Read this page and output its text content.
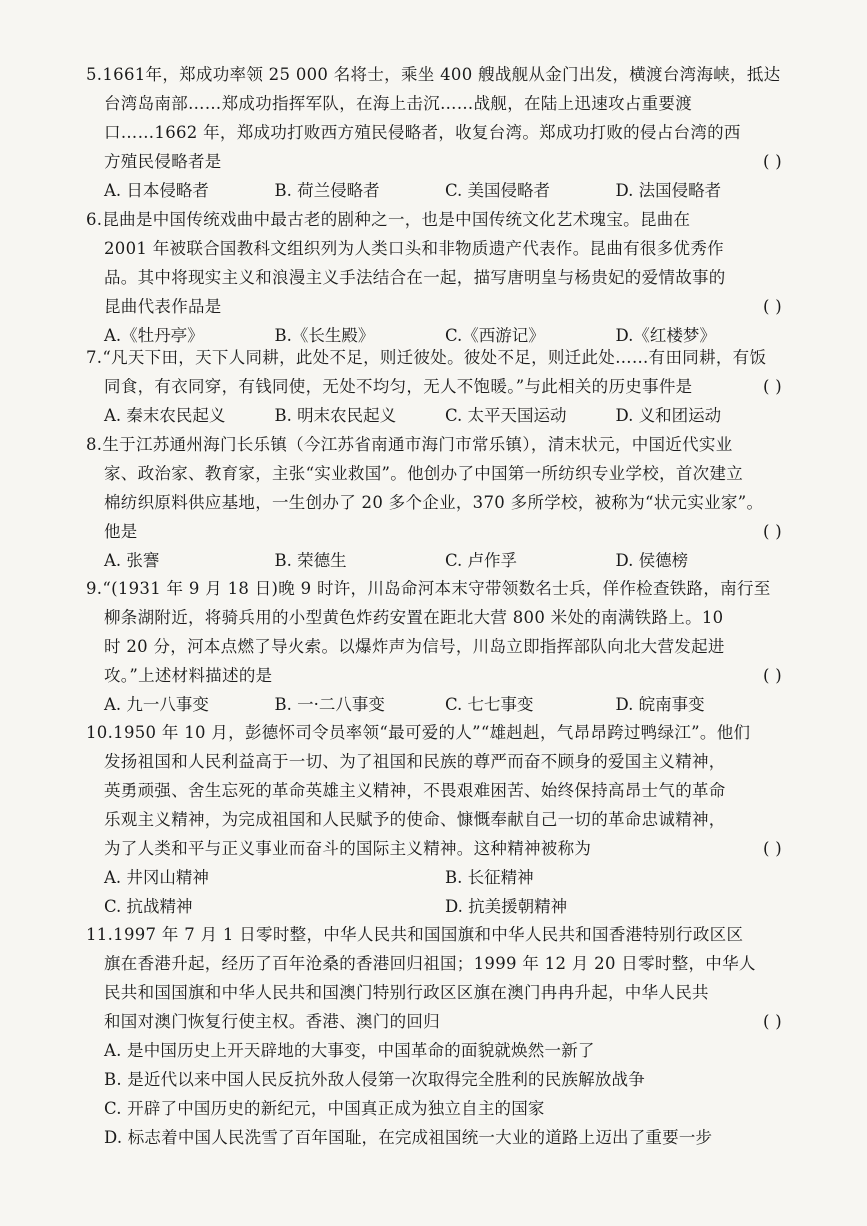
5.1661年，郑成功率领 25 000 名将士，乘坐 400 艘战舰从金门出发，横渡台湾海峡，抵达
台湾岛南部……郑成功指挥军队，在海上击沉……战舰，在陆上迅速攻占重要渡
口……1662 年，郑成功打败西方殖民侵略者，收复台湾。郑成功打败的侵占台湾的西
方殖民侵略者是	( )
A. 日本侵略者	B. 荷兰侵略者	C. 美国侵略者	D. 法国侵略者
6.昆曲是中国传统戏曲中最古老的剧种之一，也是中国传统文化艺术瑰宝。昆曲在
2001 年被联合国教科文组织列为人类口头和非物质遗产代表作。昆曲有很多优秀作
品。其中将现实主义和浪漫主义手法结合在一起，描写唐明皇与杨贵妃的爱情故事的
昆曲代表作品是	( )
A.《牡丹亭》	B.《长生殿》	C.《西游记》	D.《红楼梦》
7.“凡天下田，天下人同耕，此处不足，则迁彼处。彼处不足，则迁此处……有田同耕，有饭
同食，有衣同穿，有钱同使，无处不均匀，无人不饱暖。”与此相关的历史事件是	( )
A. 秦末农民起义	B. 明末农民起义	C. 太平天国运动	D. 义和团运动
8.生于江苏通州海门长乐镇（今江苏省南通市海门市常乐镇），清末状元，中国近代实业
家、政治家、教育家，主张“实业救国”。他创办了中国第一所纺织专业学校，首次建立
棉纺织原料供应基地，一生创办了 20 多个企业，370 多所学校，被称为“状元实业家”。
他是	( )
A. 张謇	B. 荣德生	C. 卢作孚	D. 侯德榜
9.“(1931 年 9 月 18 日)晚 9 时许，川岛命河本末守带领数名士兵，佯作检查铁路，南行至
柳条湖附近，将骑兵用的小型黄色炸药安置在距北大营 800 米处的南满铁路上。10
时 20 分，河本点燃了导火索。以爆炸声为信号，川岛立即指挥部队向北大营发起进
攻。”上述材料描述的是	( )
A. 九一八事变	B. 一·二八事变	C. 七七事变	D. 皖南事变
10.1950 年 10 月，彭德怀司令员率领“最可爱的人”“雄赳赳，气昂昂跨过鸭绿江”。他们
发扬祖国和人民利益高于一切、为了祖国和民族的尊严而奋不顾身的爱国主义精神，
英勇顽强、舍生忘死的革命英雄主义精神，不畏艰难困苦、始终保持高昂士气的革命
乐观主义精神，为完成祖国和人民赋予的使命、慷慨奉献自己一切的革命忠诚精神，
为了人类和平与正义事业而奋斗的国际主义精神。这种精神被称为	( )
A. 井冈山精神	B. 长征精神
C. 抗战精神	D. 抗美援朝精神
11.1997 年 7 月 1 日零时整，中华人民共和国国旗和中华人民共和国香港特别行政区区
旗在香港升起，经历了百年沧桑的香港回归祖国；1999 年 12 月 20 日零时整，中华人
民共和国国旗和中华人民共和国澳门特别行政区区旗在澳门冉冉升起，中华人民共
和国对澳门恢复行使主权。香港、澳门的回归	( )
A. 是中国历史上开天辟地的大事变，中国革命的面貌就焕然一新了
B. 是近代以来中国人民反抗外敌人侵第一次取得完全胜利的民族解放战争
C. 开辟了中国历史的新纪元，中国真正成为独立自主的国家
D. 标志着中国人民洗雪了百年国耻，在完成祖国统一大业的道路上迈出了重要一步
